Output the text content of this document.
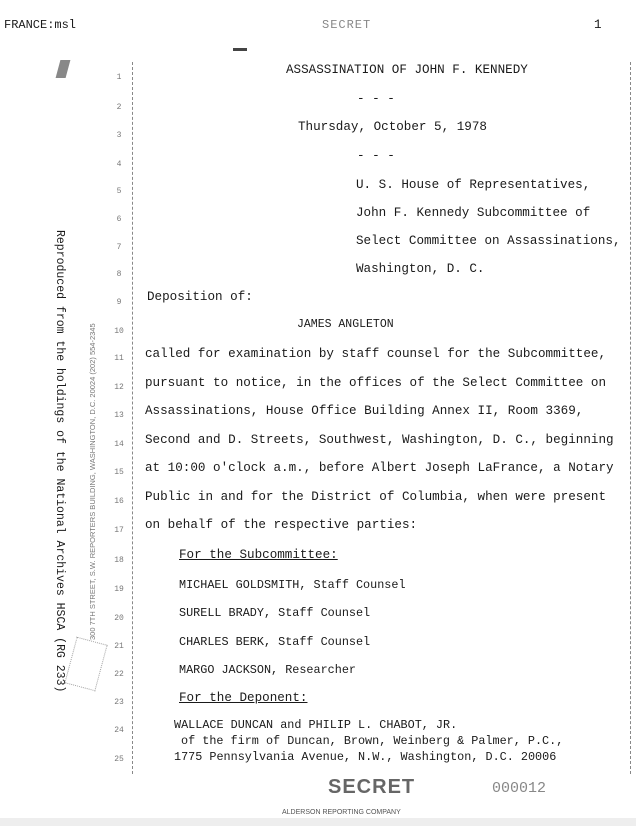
FRANCE:msl	SECRET	1
300 7TH STREET, S.W. REPORTERS BUILDING, WASHINGTON, D.C. 20024 (202) 554-2345
Reproduced from the holdings of the National Archives HSCA (RG 233)
1
2
3
4
5
6
7
8
9
10
11
12
13
14
15
16
17
18
19
20
21
22
23
24
25
ASSASSINATION OF JOHN F. KENNEDY
- - -
Thursday, October 5, 1978
- - -
U. S. House of Representatives,
John F. Kennedy Subcommittee of
Select Committee on Assassinations,
Washington, D. C.
Deposition of:
JAMES ANGLETON
called for examination by staff counsel for the Subcommittee,
pursuant to notice, in the offices of the Select Committee on
Assassinations, House Office Building Annex II, Room 3369,
Second and D. Streets, Southwest, Washington, D. C., beginning
at 10:00 o'clock a.m., before Albert Joseph LaFrance, a Notary
Public in and for the District of Columbia, when were present
on behalf of the respective parties:
For the Subcommittee:
MICHAEL GOLDSMITH, Staff Counsel
SURELL BRADY, Staff Counsel
CHARLES BERK, Staff Counsel
MARGO JACKSON, Researcher
For the Deponent:
WALLACE DUNCAN and PHILIP L. CHABOT, JR.
of the firm of Duncan, Brown, Weinberg & Palmer, P.C.,
1775 Pennsylvania Avenue, N.W., Washington, D.C. 20006
SECRET
ALDERSON REPORTING COMPANY
000012
